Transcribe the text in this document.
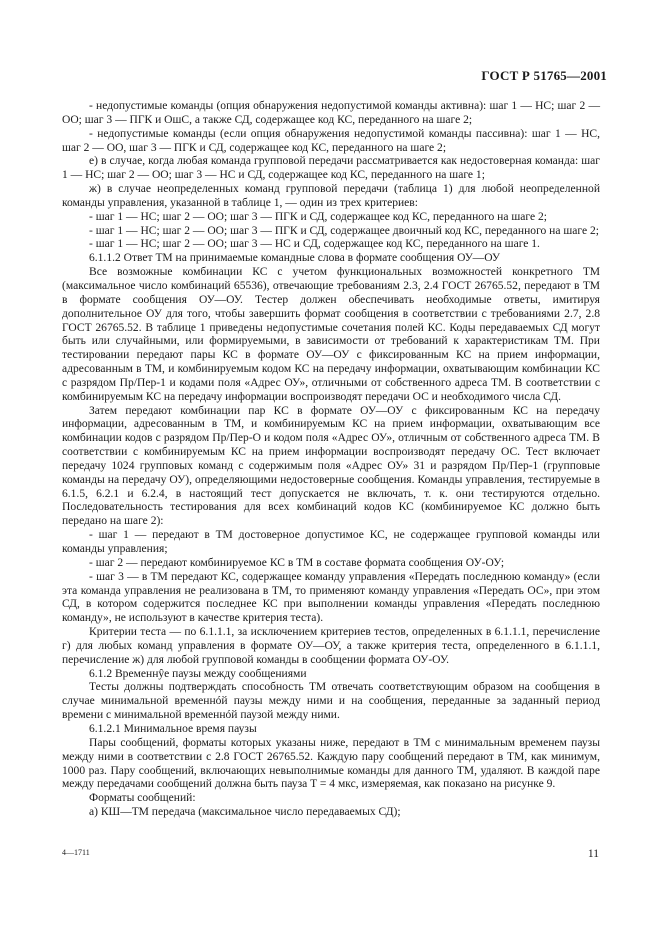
ГОСТ Р 51765—2001

- недопустимые команды (опция обнаружения недопустимой команды активна): шаг 1 — НС; шаг 2 — ОО; шаг 3 — ПГК и ОшС, а также СД, содержащее код КС, переданного на шаге 2;

- недопустимые команды (если опция обнаружения недопустимой команды пассивна): шаг 1 — НС, шаг 2 — ОО, шаг 3 — ПГК и СД, содержащее код КС, переданного на шаге 2;

е) в случае, когда любая команда групповой передачи рассматривается как недостоверная команда: шаг 1 — НС; шаг 2 — ОО; шаг 3 — НС и СД, содержащее код КС, переданного на шаге 1;

ж) в случае неопределенных команд групповой передачи (таблица 1) для любой неопределенной команды управления, указанной в таблице 1, — один из трех критериев:

- шаг 1 — НС; шаг 2 — ОО; шаг 3 — ПГК и СД, содержащее код КС, переданного на шаге 2;

- шаг 1 — НС; шаг 2 — ОО; шаг 3 — ПГК и СД, содержащее двоичный код КС, переданного на шаге 2;

- шаг 1 — НС; шаг 2 — ОО; шаг 3 — НС и СД, содержащее код КС, переданного на шаге 1.

6.1.1.2 Ответ ТМ на принимаемые командные слова в формате сообщения ОУ—ОУ

Все возможные комбинации КС с учетом функциональных возможностей конкретного ТМ (максимальное число комбинаций 65536), отвечающие требованиям 2.3, 2.4 ГОСТ 26765.52, передают в ТМ в формате сообщения ОУ—ОУ. Тестер должен обеспечивать необходимые ответы, имитируя дополнительное ОУ для того, чтобы завершить формат сообщения в соответствии с требованиями 2.7, 2.8 ГОСТ 26765.52. В таблице 1 приведены недопустимые сочетания полей КС. Коды передаваемых СД могут быть или случайными, или формируемыми, в зависимости от требований к характеристикам ТМ. При тестировании передают пары КС в формате ОУ—ОУ с фиксированным КС на прием информации, адресованным в ТМ, и комбинируемым кодом КС на передачу информации, охватывающим комбинации КС с разрядом Пр/Пер-1 и кодами поля «Адрес ОУ», отличными от собственного адреса ТМ. В соответствии с комбинируемым КС на передачу информации воспроизводят передачи ОС и необходимого числа СД.

Затем передают комбинации пар КС в формате ОУ—ОУ с фиксированным КС на передачу информации, адресованным в ТМ, и комбинируемым КС на прием информации, охватывающим все комбинации кодов с разрядом Пр/Пер-О и кодом поля «Адрес ОУ», отличным от собственного адреса ТМ. В соответствии с комбинируемым КС на прием информации воспроизводят передачу ОС. Тест включает передачу 1024 групповых команд с содержимым поля «Адрес ОУ» 31 и разрядом Пр/Пер-1 (групповые команды на передачу ОУ), определяющими недостоверные сообщения. Команды управления, тестируемые в 6.1.5, 6.2.1 и 6.2.4, в настоящий тест допускается не включать, т. к. они тестируются отдельно. Последовательность тестирования для всех комбинаций кодов КС (комбинируемое КС должно быть передано на шаге 2):

- шаг 1 — передают в ТМ достоверное допустимое КС, не содержащее групповой команды или команды управления;

- шаг 2 — передают комбинируемое КС в ТМ в составе формата сообщения ОУ-ОУ;

- шаг 3 — в ТМ передают КС, содержащее команду управления «Передать последнюю команду» (если эта команда управления не реализована в ТМ, то применяют команду управления «Передать ОС», при этом СД, в котором содержится последнее КС при выполнении команды управления «Передать последнюю команду», не используют в качестве критерия теста).

Критерии теста — по 6.1.1.1, за исключением критериев тестов, определенных в 6.1.1.1, перечисление г) для любых команд управления в формате ОУ—ОУ, а также критерия теста, определенного в 6.1.1.1, перечисление ж) для любой групповой команды в сообщении формата ОУ-ОУ.

6.1.2 Временнŷе паузы между сообщениями

Тесты должны подтверждать способность ТМ отвечать соответствующим образом на сообщения в случае минимальной временнóй паузы между ними и на сообщения, переданные за заданный период времени с минимальной временнóй паузой между ними.

6.1.2.1 Минимальное время паузы

Пары сообщений, форматы которых указаны ниже, передают в ТМ с минимальным временем паузы между ними в соответствии с 2.8 ГОСТ 26765.52. Каждую пару сообщений передают в ТМ, как минимум, 1000 раз. Пару сообщений, включающих невыполнимые команды для данного ТМ, удаляют. В каждой паре между передачами сообщений должна быть пауза T = 4 мкс, измеряемая, как показано на рисунке 9.

Форматы сообщений:

а) КШ—ТМ передача (максимальное число передаваемых СД);

4—1711	11
